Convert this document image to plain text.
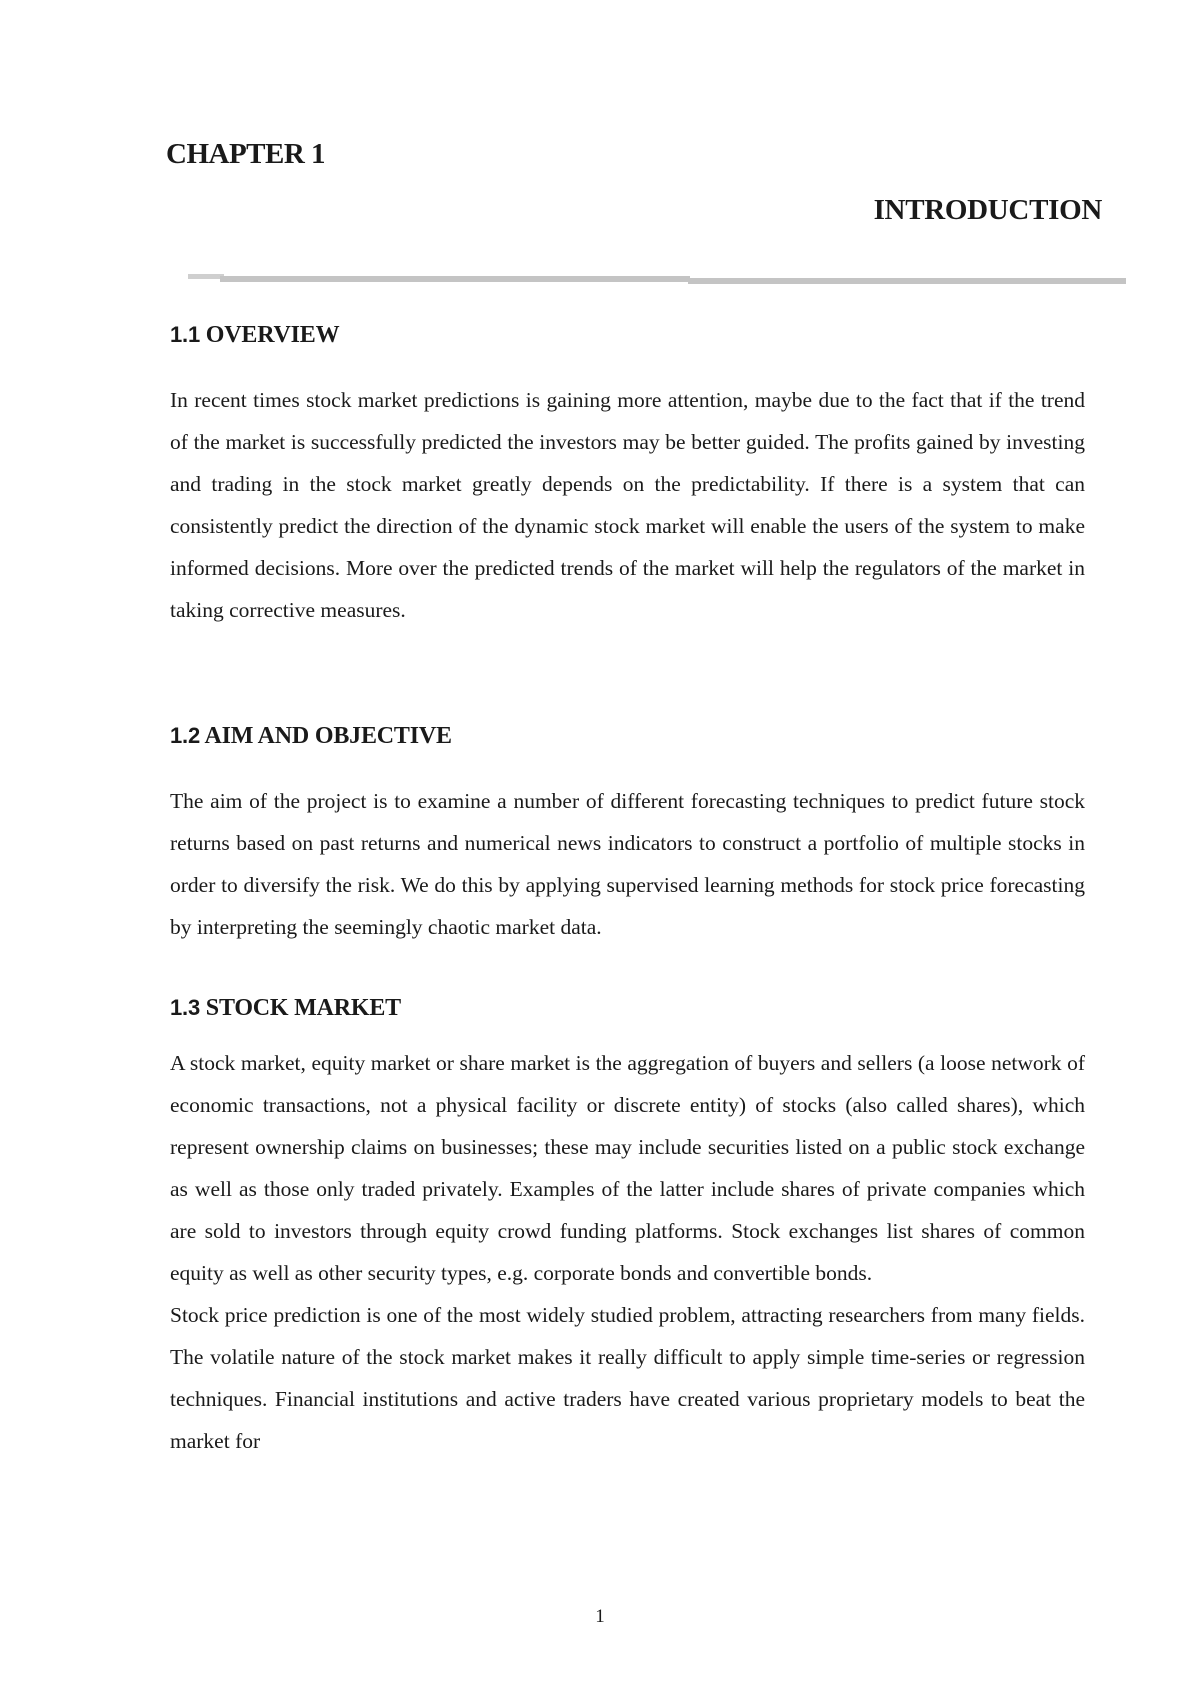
CHAPTER 1
INTRODUCTION
1.1 OVERVIEW

In recent times stock market predictions is gaining more attention, maybe due to the fact that if the trend of the market is successfully predicted the investors may be better guided. The profits gained by investing and trading in the stock market greatly depends on the predictability. If there is a system that can consistently predict the direction of the dynamic stock market will enable the users of the system to make informed decisions. More over the predicted trends of the market will help the regulators of the market in taking corrective measures.

1.2 AIM AND OBJECTIVE

The aim of the project is to examine a number of different forecasting techniques to predict future stock returns based on past returns and numerical news indicators to construct a portfolio of multiple stocks in order to diversify the risk. We do this by applying supervised learning methods for stock price forecasting by interpreting the seemingly chaotic market data.

1.3 STOCK MARKET

A stock market, equity market or share market is the aggregation of buyers and sellers (a loose network of economic transactions, not a physical facility or discrete entity) of stocks (also called shares), which represent ownership claims on businesses; these may include securities listed on a public stock exchange as well as those only traded privately. Examples of the latter include shares of private companies which are sold to investors through equity crowd funding platforms. Stock exchanges list shares of common equity as well as other security types, e.g. corporate bonds and convertible bonds.

Stock price prediction is one of the most widely studied problem, attracting researchers from many fields. The volatile nature of the stock market makes it really difficult to apply simple time-series or regression techniques. Financial institutions and active traders have created various proprietary models to beat the market for

1
